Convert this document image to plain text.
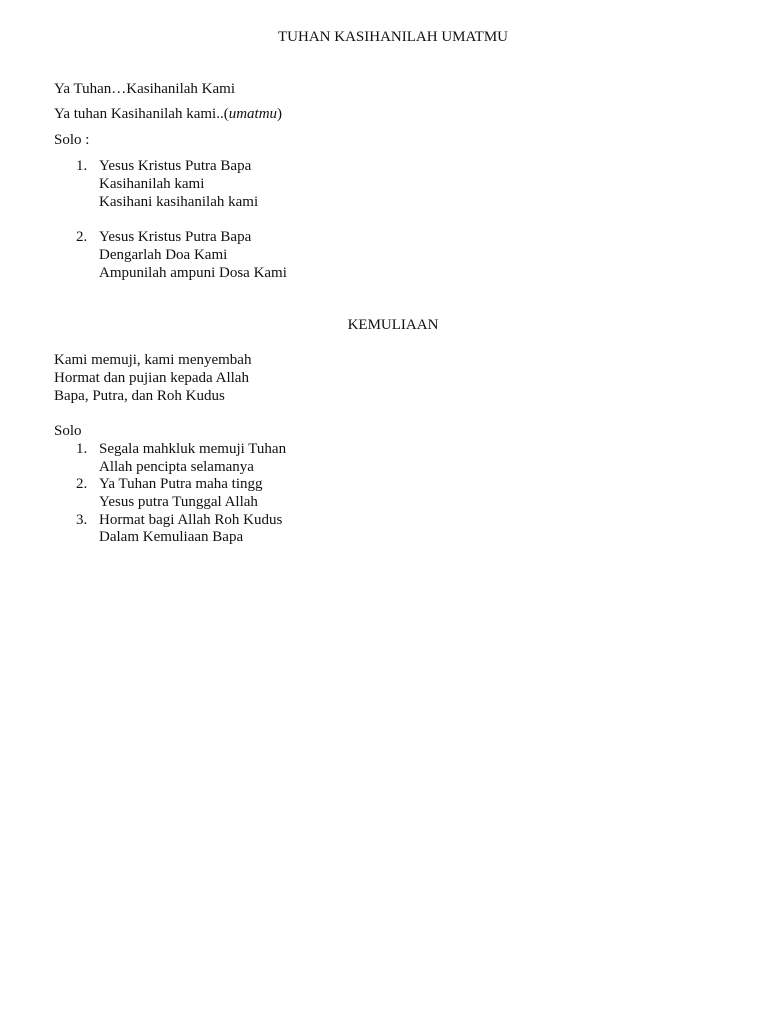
TUHAN KASIHANILAH UMATMU
Ya Tuhan…Kasihanilah Kami
Ya tuhan Kasihanilah kami..(umatmu)
Solo :
1. Yesus Kristus Putra Bapa
Kasihanilah kami
Kasihani kasihanilah kami
2. Yesus Kristus Putra Bapa
Dengarlah Doa Kami
Ampunilah ampuni Dosa Kami
KEMULIAAN
Kami memuji, kami menyembah
Hormat dan pujian kepada Allah
Bapa, Putra, dan Roh Kudus
Solo
1. Segala mahkluk memuji Tuhan
Allah pencipta selamanya
2. Ya Tuhan Putra maha tingg
Yesus putra Tunggal Allah
3. Hormat bagi Allah Roh Kudus
Dalam Kemuliaan Bapa
